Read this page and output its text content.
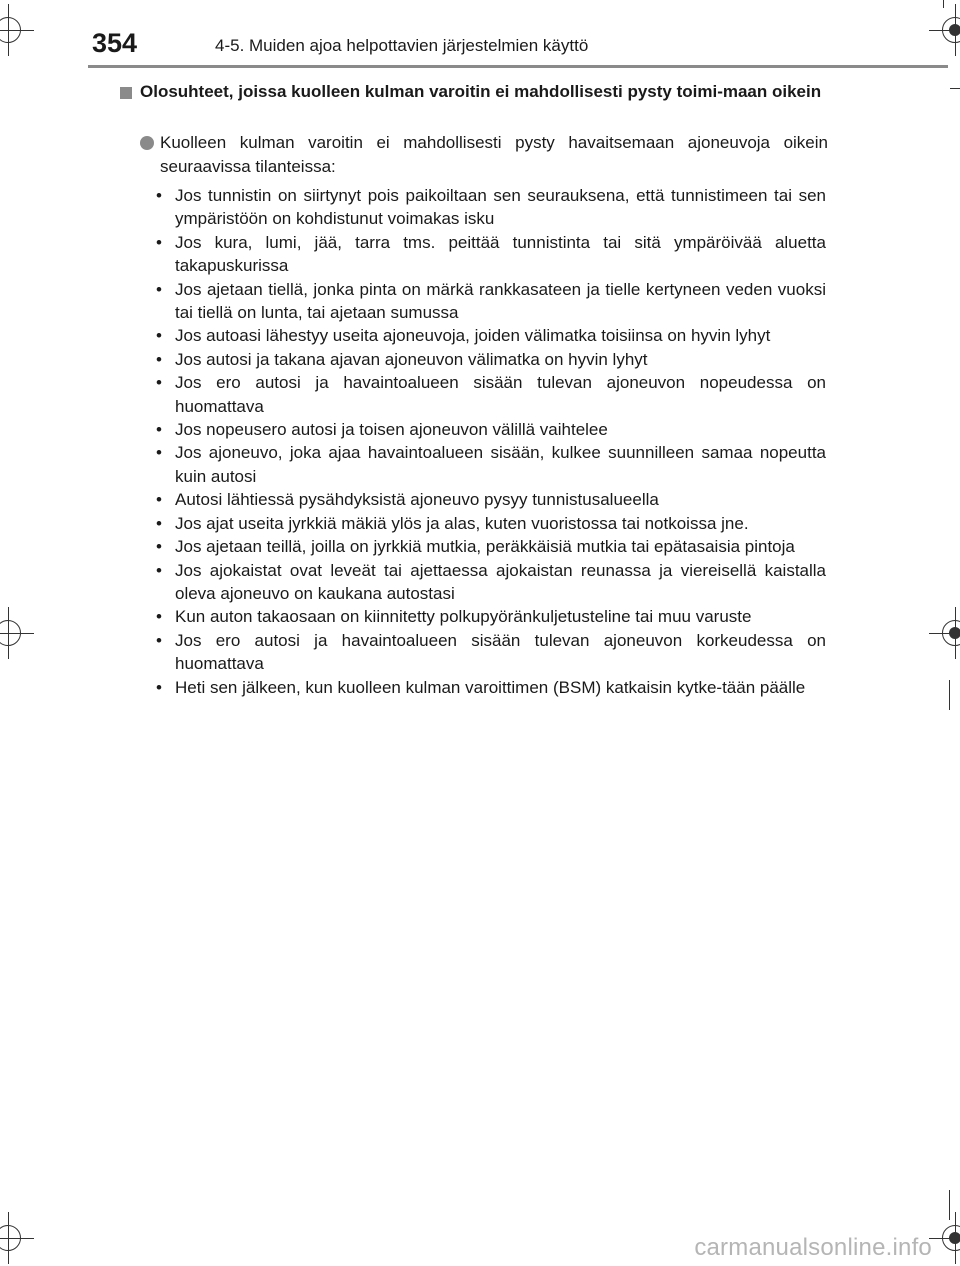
354	4-5. Muiden ajoa helpottavien järjestelmien käyttö
Olosuhteet, joissa kuolleen kulman varoitin ei mahdollisesti pysty toimi-maan oikein
Kuolleen kulman varoitin ei mahdollisesti pysty havaitsemaan ajoneuvoja oikein seuraavissa tilanteissa:
• Jos tunnistin on siirtynyt pois paikoiltaan sen seurauksena, että tunnistimeen tai sen ympäristöön on kohdistunut voimakas isku
• Jos kura, lumi, jää, tarra tms. peittää tunnistinta tai sitä ympäröivää aluetta takapuskurissa
• Jos ajetaan tiellä, jonka pinta on märkä rankkasateen ja tielle kertyneen veden vuoksi tai tiellä on lunta, tai ajetaan sumussa
• Jos autoasi lähestyy useita ajoneuvoja, joiden välimatka toisiinsa on hyvin lyhyt
• Jos autosi ja takana ajavan ajoneuvon välimatka on hyvin lyhyt
• Jos ero autosi ja havaintoalueen sisään tulevan ajoneuvon nopeudessa on huomattava
• Jos nopeusero autosi ja toisen ajoneuvon välillä vaihtelee
• Jos ajoneuvo, joka ajaa havaintoalueen sisään, kulkee suunnilleen samaa nopeutta kuin autosi
• Autosi lähtiessä pysähdyksistä ajoneuvo pysyy tunnistusalueella
• Jos ajat useita jyrkkiä mäkiä ylös ja alas, kuten vuoristossa tai notkoissa jne.
• Jos ajetaan teillä, joilla on jyrkkiä mutkia, peräkkäisiä mutkia tai epätasaisia pintoja
• Jos ajokaistat ovat leveät tai ajettaessa ajokaistan reunassa ja viereisellä kaistalla oleva ajoneuvo on kaukana autostasi
• Kun auton takaosaan on kiinnitetty polkupyöränkuljetusteline tai muu varuste
• Jos ero autosi ja havaintoalueen sisään tulevan ajoneuvon korkeudessa on huomattava
• Heti sen jälkeen, kun kuolleen kulman varoittimen (BSM) katkaisin kytke-tään päälle
carmanualsonline.info
